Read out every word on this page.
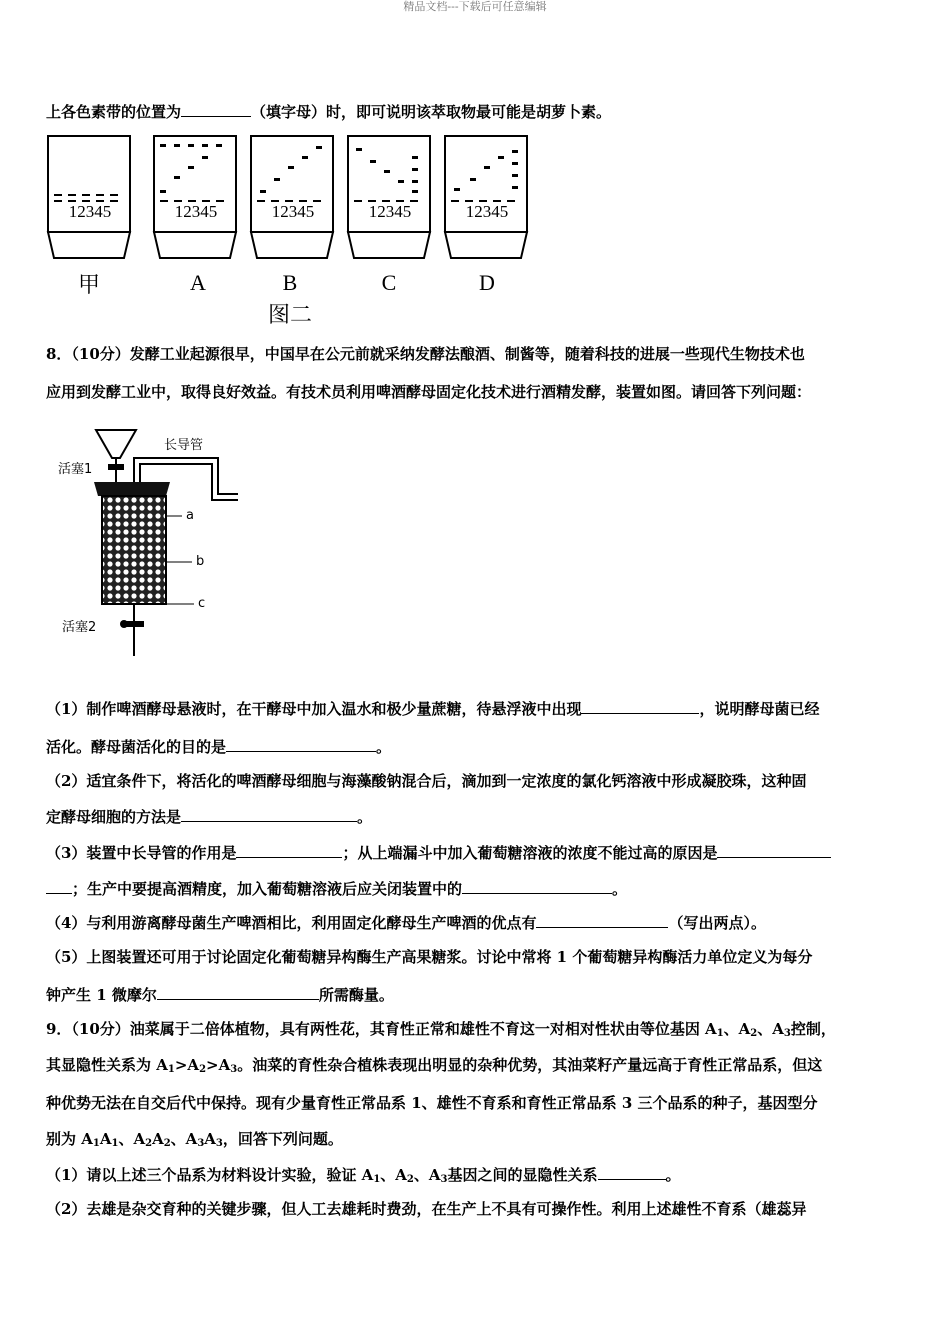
精品文档---下载后可任意编辑
上各色素带的位置为	（填字母）时，即可说明该萃取物最可能是胡萝卜素。
12345	12345	12345	12345	12345
甲	A	B	C	D
图二
8．（10分）发酵工业起源很早，中国早在公元前就采纳发酵法酿酒、制酱等，随着科技的进展一些现代生物技术也
应用到发酵工业中，取得良好效益。有技术员利用啤酒酵母固定化技术进行酒精发酵，装置如图。请回答下列问题：
长导管
活塞1
a
b
c
活塞2
（1）制作啤酒酵母悬液时，在干酵母中加入温水和极少量蔗糖，待悬浮液中出现	，说明酵母菌已经
活化。酵母菌活化的目的是	。
（2）适宜条件下，将活化的啤酒酵母细胞与海藻酸钠混合后，滴加到一定浓度的氯化钙溶液中形成凝胶珠，这种固
定酵母细胞的方法是	。
（3）装置中长导管的作用是	；从上端漏斗中加入葡萄糖溶液的浓度不能过高的原因是
；生产中要提高酒精度，加入葡萄糖溶液后应关闭装置中的	。
（4）与利用游离酵母菌生产啤酒相比，利用固定化酵母生产啤酒的优点有	（写出两点）。
（5）上图装置还可用于讨论固定化葡萄糖异构酶生产高果糖浆。讨论中常将 1 个葡萄糖异构酶活力单位定义为每分
钟产生 1 微摩尔	所需酶量。
9．（10分）油菜属于二倍体植物，具有两性花，其育性正常和雄性不育这一对相对性状由等位基因 $A_1$、$A_2$、$A_3$控制，
其显隐性关系为 $A_1>A_2>A_3$。油菜的育性杂合植株表现出明显的杂种优势，其油菜籽产量远高于育性正常品系，但这
种优势无法在自交后代中保持。现有少量育性正常品系 1、雄性不育系和育性正常品系 3 三个品系的种子，基因型分
别为 $A_1A_1$、$A_2A_2$、$A_3A_3$，回答下列问题。
（1）请以上述三个品系为材料设计实验，验证 $A_1$、$A_2$、$A_3$基因之间的显隐性关系	。
（2）去雄是杂交育种的关键步骤，但人工去雄耗时费劲，在生产上不具有可操作性。利用上述雄性不育系（雄蕊异
